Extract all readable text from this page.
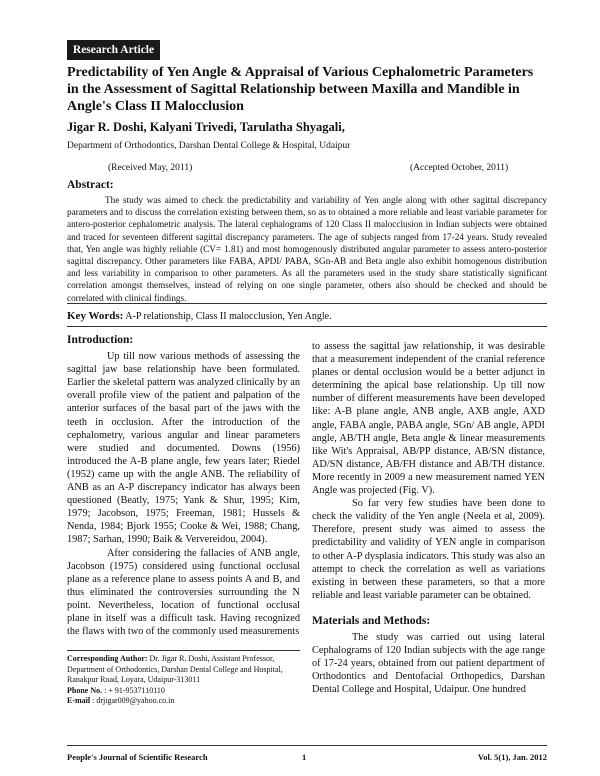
Research Article
Predictability of Yen Angle & Appraisal of Various Cephalometric Parameters in the Assessment of Sagittal Relationship between Maxilla and Mandible in Angle's Class II Malocclusion
Jigar R. Doshi, Kalyani Trivedi, Tarulatha Shyagali,
Department of Orthodontics, Darshan Dental College & Hospital, Udaipur
(Received May, 2011)	(Accepted October, 2011)
Abstract:
The study was aimed to check the predictability and variability of Yen angle along with other sagittal discrepancy parameters and to discuss the correlation existing between them, so as to obtained a more reliable and least variable parameter for antero-posterior cephalometric analysis. The lateral cephalograms of 120 Class II malocclusion in Indian subjects were obtained and traced for seventeen different sagittal discrepancy parameters. The age of subjects ranged from 17-24 years. Study revealed that, Yen angle was highly reliable (CV= 1.81) and most homogenously distributed angular parameter to assess antero-posterior sagittal discrepancy. Other parameters like FABA, APDI/ PABA, SGn-AB and Beta angle also exhibit homogenous distribution and less variability in comparison to other parameters. As all the parameters used in the study share statistically significant correlation amongst themselves, instead of relying on one single parameter, others also should be checked and should be correlated with clinical findings.
Key Words: A-P relationship, Class II malocclusion, Yen Angle.
Introduction:

Up till now various methods of assessing the sagittal jaw base relationship have been formulated. Earlier the skeletal pattern was analyzed clinically by an overall profile view of the patient and palpation of the anterior surfaces of the basal part of the jaws with the teeth in occlusion. After the introduction of the cephalometry, various angular and linear parameters were studied and documented. Downs (1956) introduced the A-B plane angle, few years later; Riedel (1952) came up with the angle ANB. The reliability of ANB as an A-P discrepancy indicator has always been questioned (Beatly, 1975; Yank & Shur, 1995; Kim, 1979; Jacobson, 1975; Freeman, 1981; Hussels & Nenda, 1984; Bjork 1955; Cooke & Wei, 1988; Chang, 1987; Sarhan, 1990; Baik & Ververeidou, 2004).

After considering the fallacies of ANB angle, Jacobson (1975) considered using functional occlusal plane as a reference plane to assess points A and B, and thus eliminated the controversies surrounding the N point. Nevertheless, location of functional occlusal plane in itself was a difficult task. Having recognized the flaws with two of the commonly used measurements

to assess the sagittal jaw relationship, it was desirable that a measurement independent of the cranial reference planes or dental occlusion would be a better adjunct in determining the apical base relationship. Up till now number of different measurements have been developed like: A-B plane angle, ANB angle, AXB angle, AXD angle, FABA angle, PABA angle, SGn/ AB angle, APDI angle, AB/TH angle, Beta angle & linear measurements like Wit's Appraisal, AB/PP distance, AB/SN distance, AD/SN distance, AB/FH distance and AB/TH distance. More recently in 2009 a new measurement named YEN Angle was projected (Fig. V).

So far very few studies have been done to check the validity of the Yen angle (Neela et al, 2009). Therefore, present study was aimed to assess the predictability and validity of YEN angle in comparison to other A-P dysplasia indicators. This study was also an attempt to check the correlation as well as variations existing in between these parameters, so that a more reliable and least variable parameter can be obtained.

Materials and Methods:

The study was carried out using lateral Cephalograms of 120 Indian subjects with the age range of 17-24 years, obtained from out patient department of Orthodontics and Dentofacial Orthopedics, Darshan Dental College and Hospital, Udaipur. One hundred

Corresponding Author: Dr. Jigar R. Doshi, Assistant Professor, Department of Orthodontics, Darshan Dental College and Hospital, Ranakpur Road, Loyara, Udaipur-313011
Phone No. : + 91-9537110110
E-mail : drjigar009@yahoo.co.in
People's Journal of Scientific Research	1	Vol. 5(1), Jan. 2012
